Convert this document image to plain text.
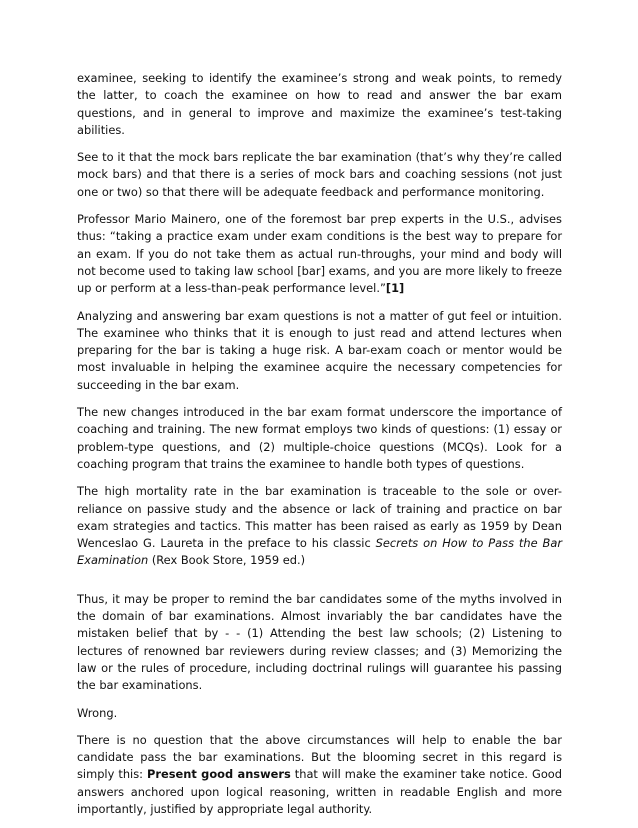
examinee, seeking to identify the examinee’s strong and weak points, to remedy the latter, to coach the examinee on how to read and answer the bar exam questions, and in general to improve and maximize the examinee’s test-taking abilities.

See to it that the mock bars replicate the bar examination (that’s why they’re called mock bars) and that there is a series of mock bars and coaching sessions (not just one or two) so that there will be adequate feedback and performance monitoring.

Professor Mario Mainero, one of the foremost bar prep experts in the U.S., advises thus: “taking a practice exam under exam conditions is the best way to prepare for an exam. If you do not take them as actual run-throughs, your mind and body will not become used to taking law school [bar] exams, and you are more likely to freeze up or perform at a less-than-peak performance level.”[1]

Analyzing and answering bar exam questions is not a matter of gut feel or intuition. The examinee who thinks that it is enough to just read and attend lectures when preparing for the bar is taking a huge risk. A bar-exam coach or mentor would be most invaluable in helping the examinee acquire the necessary competencies for succeeding in the bar exam.

The new changes introduced in the bar exam format underscore the importance of coaching and training. The new format employs two kinds of questions: (1) essay or problem-type questions, and (2) multiple-choice questions (MCQs). Look for a coaching program that trains the examinee to handle both types of questions.

The high mortality rate in the bar examination is traceable to the sole or over-reliance on passive study and the absence or lack of training and practice on bar exam strategies and tactics. This matter has been raised as early as 1959 by Dean Wenceslao G. Laureta in the preface to his classic Secrets on How to Pass the Bar Examination (Rex Book Store, 1959 ed.)

Thus, it may be proper to remind the bar candidates some of the myths involved in the domain of bar examinations. Almost invariably the bar candidates have the mistaken belief that by - - (1) Attending the best law schools; (2) Listening to lectures of renowned bar reviewers during review classes; and (3) Memorizing the law or the rules of procedure, including doctrinal rulings will guarantee his passing the bar examinations.

Wrong.

There is no question that the above circumstances will help to enable the bar candidate pass the bar examinations. But the blooming secret in this regard is simply this: Present good answers that will make the examiner take notice. Good answers anchored upon logical reasoning, written in readable English and more importantly, justified by appropriate legal authority.
